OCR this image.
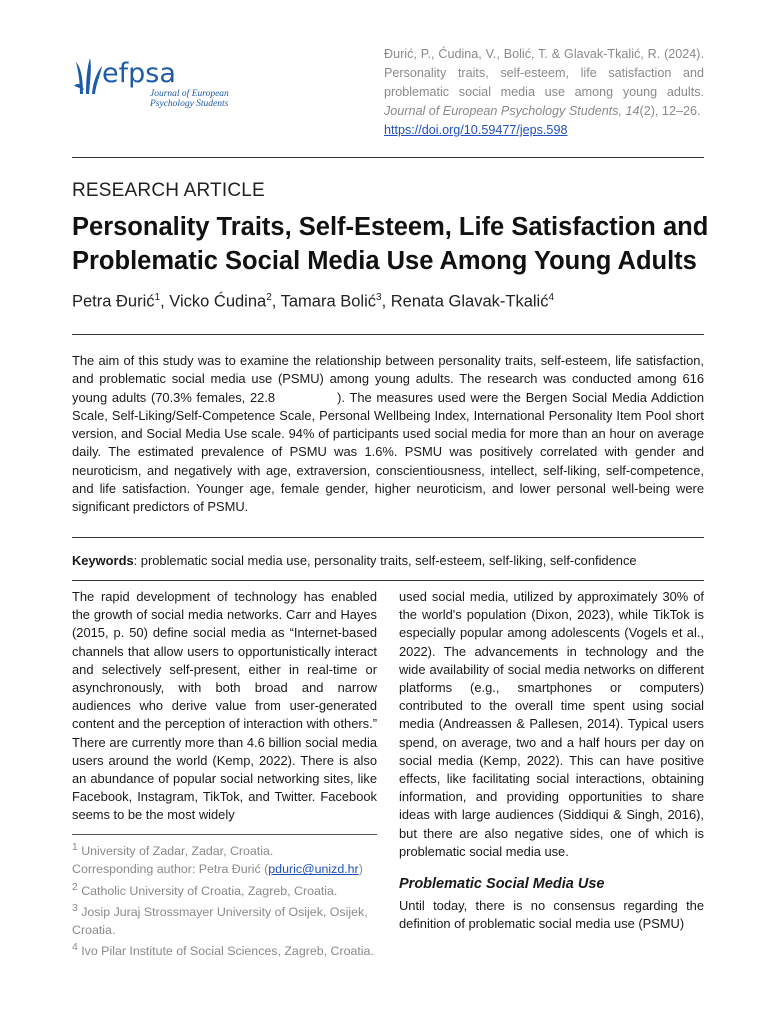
efpsa
Journal of European
Psychology Students
Đurić, P., Ćudina, V., Bolić, T. & Glavak-Tkalić, R. (2024). Personality traits, self-esteem, life satisfaction and problematic social media use among young adults. Journal of European Psychology Students, 14(2), 12–26.
https://doi.org/10.59477/jeps.598
RESEARCH ARTICLE
Personality Traits, Self-Esteem, Life Satisfaction and Problematic Social Media Use Among Young Adults
Petra Đurić$^1$, Vicko Ćudina$^2$, Tamara Bolić$^3$, Renata Glavak-Tkalić$^4$
The aim of this study was to examine the relationship between personality traits, self-esteem, life satisfaction, and problematic social media use (PSMU) among young adults. The research was conducted among 616 young adults (70.3% females, 22.8	). The measures used were the Bergen Social Media Addiction Scale, Self-Liking/Self-Competence Scale, Personal Wellbeing Index, International Personality Item Pool short version, and Social Media Use scale. 94% of participants used social media for more than an hour on average daily. The estimated prevalence of PSMU was 1.6%. PSMU was positively correlated with gender and neuroticism, and negatively with age, extraversion, conscientiousness, intellect, self-liking, self-competence, and life satisfaction. Younger age, female gender, higher neuroticism, and lower personal well-being were significant predictors of PSMU.
Keywords: problematic social media use, personality traits, self-esteem, self-liking, self-confidence
The rapid development of technology has enabled the growth of social media networks. Carr and Hayes (2015, p. 50) define social media as “Internet-based channels that allow users to opportunistically interact and selectively self-present, either in real-time or asynchronously, with both broad and narrow audiences who derive value from user-generated content and the perception of interaction with others.” There are currently more than 4.6 billion social media users around the world (Kemp, 2022). There is also an abundance of popular social networking sites, like Facebook, Instagram, TikTok, and Twitter. Facebook seems to be the most widely
used social media, utilized by approximately 30% of the world's population (Dixon, 2023), while TikTok is especially popular among adolescents (Vogels et al., 2022). The advancements in technology and the wide availability of social media networks on different platforms (e.g., smartphones or computers) contributed to the overall time spent using social media (Andreassen & Pallesen, 2014). Typical users spend, on average, two and a half hours per day on social media (Kemp, 2022). This can have positive effects, like facilitating social interactions, obtaining information, and providing opportunities to share ideas with large audiences (Siddiqui & Singh, 2016), but there are also negative sides, one of which is problematic social media use.
$^1$ University of Zadar, Zadar, Croatia.
Corresponding author: Petra Đurić (pduric@unizd.hr)
$^2$ Catholic University of Croatia, Zagreb, Croatia.
$^3$ Josip Juraj Strossmayer University of Osijek, Osijek, Croatia.
$^4$ Ivo Pilar Institute of Social Sciences, Zagreb, Croatia.
Problematic Social Media Use
Until today, there is no consensus regarding the definition of problematic social media use (PSMU)
